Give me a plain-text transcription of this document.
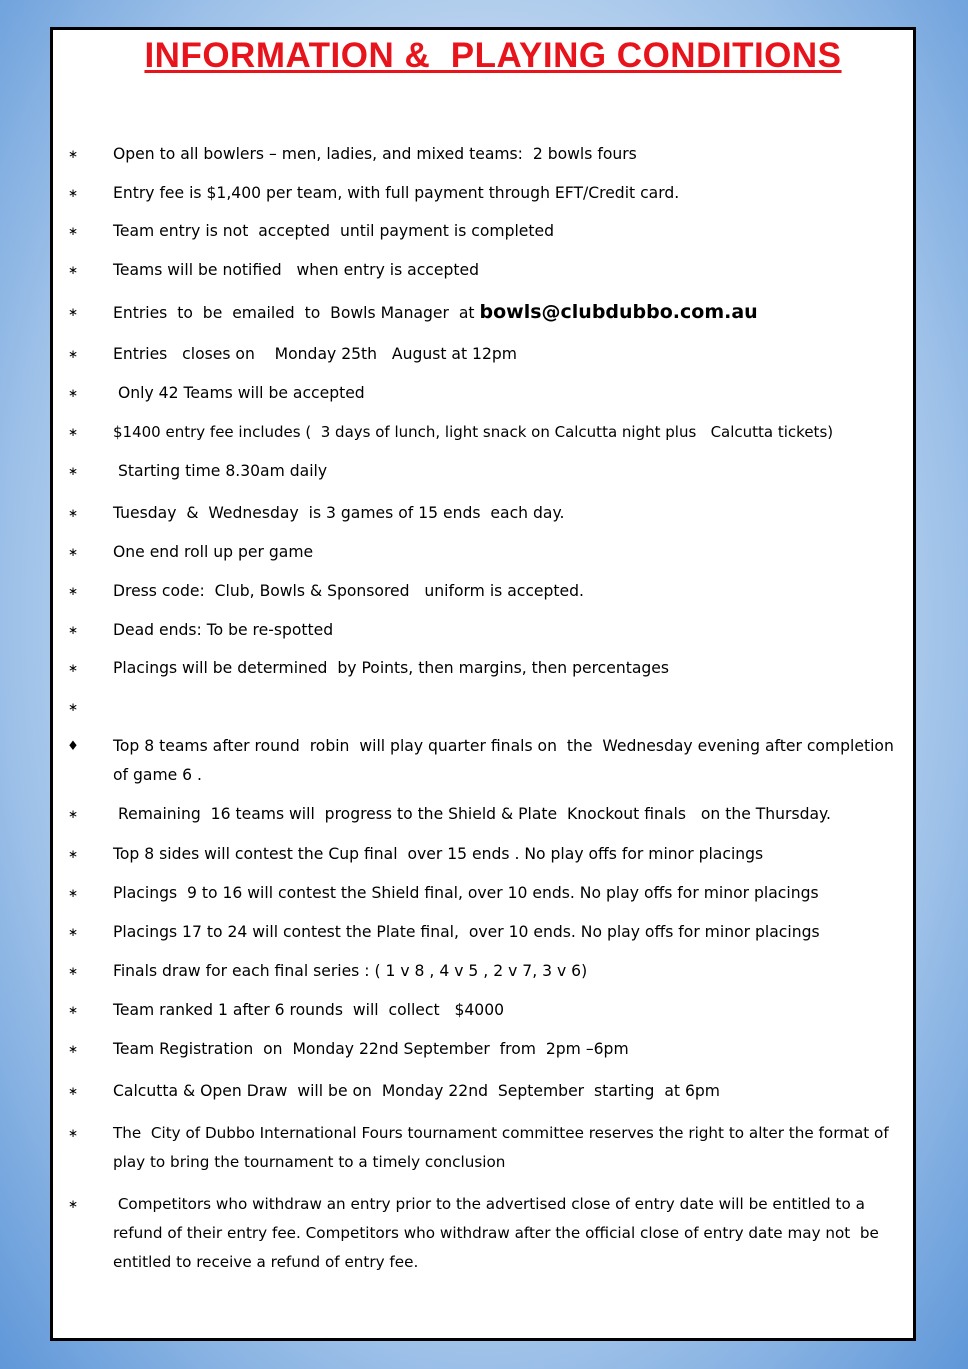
INFORMATION &  PLAYING CONDITIONS
∗ Open to all bowlers – men, ladies, and mixed teams:  2 bowls fours
∗ Entry fee is $1,400 per team, with full payment through EFT/Credit card.
∗ Team entry is not  accepted  until payment is completed
∗ Teams will be notified   when entry is accepted
∗ Entries  to  be  emailed  to  Bowls Manager  at bowls@clubdubbo.com.au
∗ Entries   closes on    Monday 25th   August at 12pm
∗ Only 42 Teams will be accepted
∗ $1400 entry fee includes (  3 days of lunch, light snack on Calcutta night plus   Calcutta tickets)
∗ Starting time 8.30am daily
∗ Tuesday  &  Wednesday  is 3 games of 15 ends  each day.
∗ One end roll up per game
∗ Dress code:  Club, Bowls & Sponsored   uniform is accepted.
∗ Dead ends: To be re-spotted
∗ Placings will be determined  by Points, then margins, then percentages
∗
♦ Top 8 teams after round  robin  will play quarter finals on  the  Wednesday evening after completion of game 6 .
∗ Remaining  16 teams will  progress to the Shield & Plate  Knockout finals   on the Thursday.
∗ Top 8 sides will contest the Cup final  over 15 ends . No play offs for minor placings
∗ Placings  9 to 16 will contest the Shield final, over 10 ends. No play offs for minor placings
∗ Placings 17 to 24 will contest the Plate final,  over 10 ends. No play offs for minor placings
∗ Finals draw for each final series : ( 1 v 8 , 4 v 5 , 2 v 7, 3 v 6)
∗ Team ranked 1 after 6 rounds  will  collect   $4000
∗ Team Registration  on  Monday 22nd September  from  2pm –6pm
∗ Calcutta & Open Draw  will be on  Monday 22nd  September  starting  at 6pm
∗ The  City of Dubbo International Fours tournament committee reserves the right to alter the format of play to bring the tournament to a timely conclusion
∗ Competitors who withdraw an entry prior to the advertised close of entry date will be entitled to a refund of their entry fee. Competitors who withdraw after the official close of entry date may not  be entitled to receive a refund of entry fee.
